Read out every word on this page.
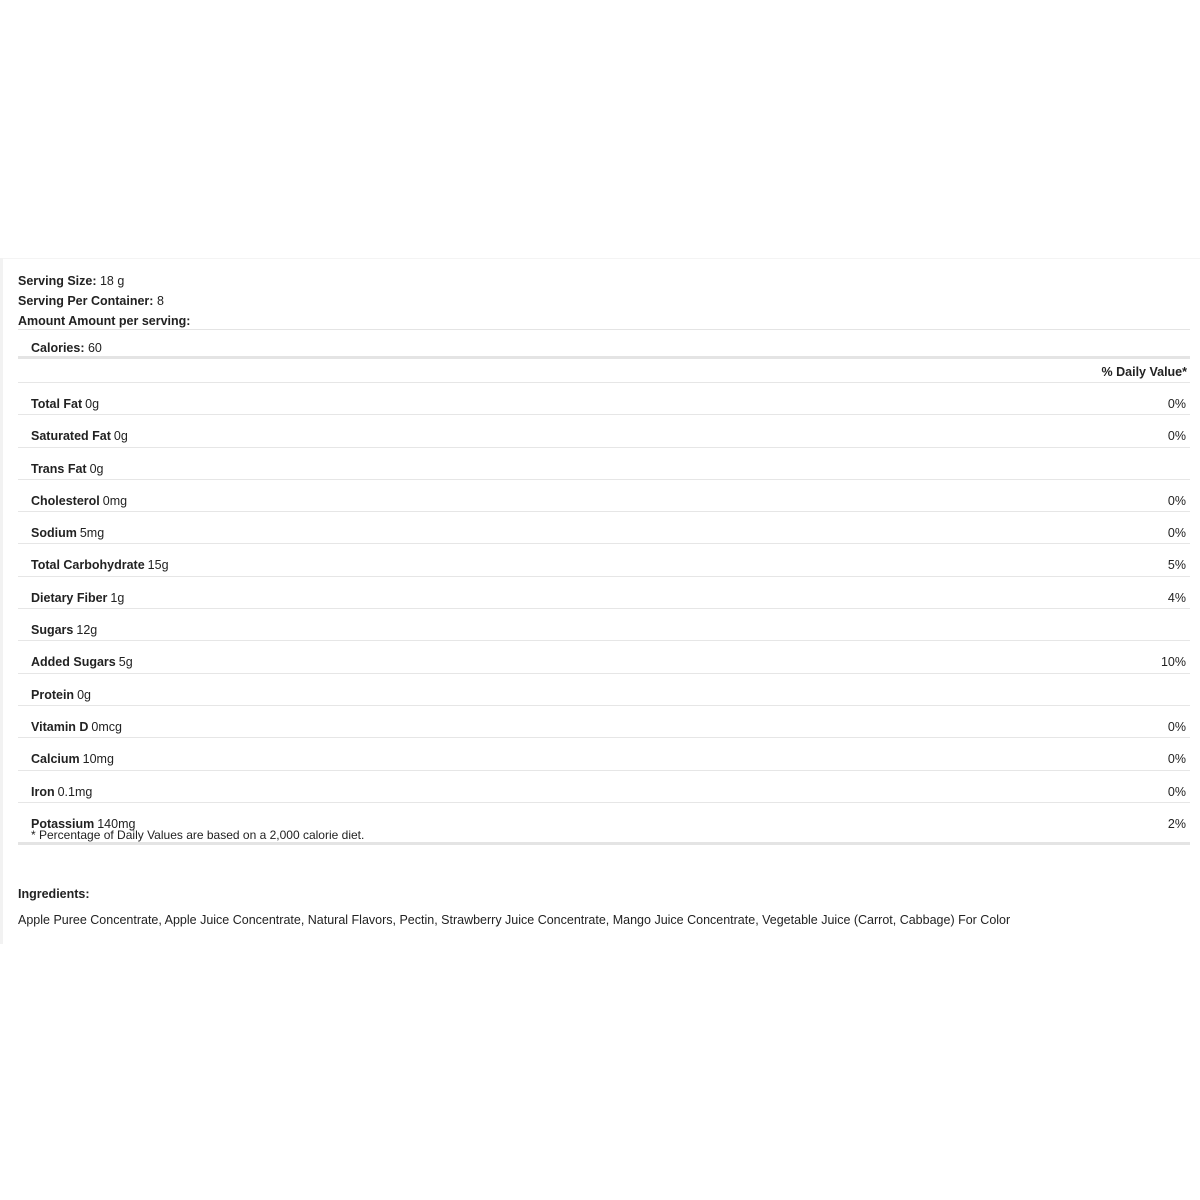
Serving Size: 18 g
Serving Per Container: 8
Amount Amount per serving:
Calories: 60
% Daily Value*
Total Fat 0g	0%
Saturated Fat 0g	0%
Trans Fat 0g
Cholesterol 0mg	0%
Sodium 5mg	0%
Total Carbohydrate 15g	5%
Dietary Fiber 1g	4%
Sugars 12g
Added Sugars 5g	10%
Protein 0g
Vitamin D 0mcg	0%
Calcium 10mg	0%
Iron 0.1mg	0%
Potassium 140mg	2%
* Percentage of Daily Values are based on a 2,000 calorie diet.
Ingredients:
Apple Puree Concentrate, Apple Juice Concentrate, Natural Flavors, Pectin, Strawberry Juice Concentrate, Mango Juice Concentrate, Vegetable Juice (Carrot, Cabbage) For Color
